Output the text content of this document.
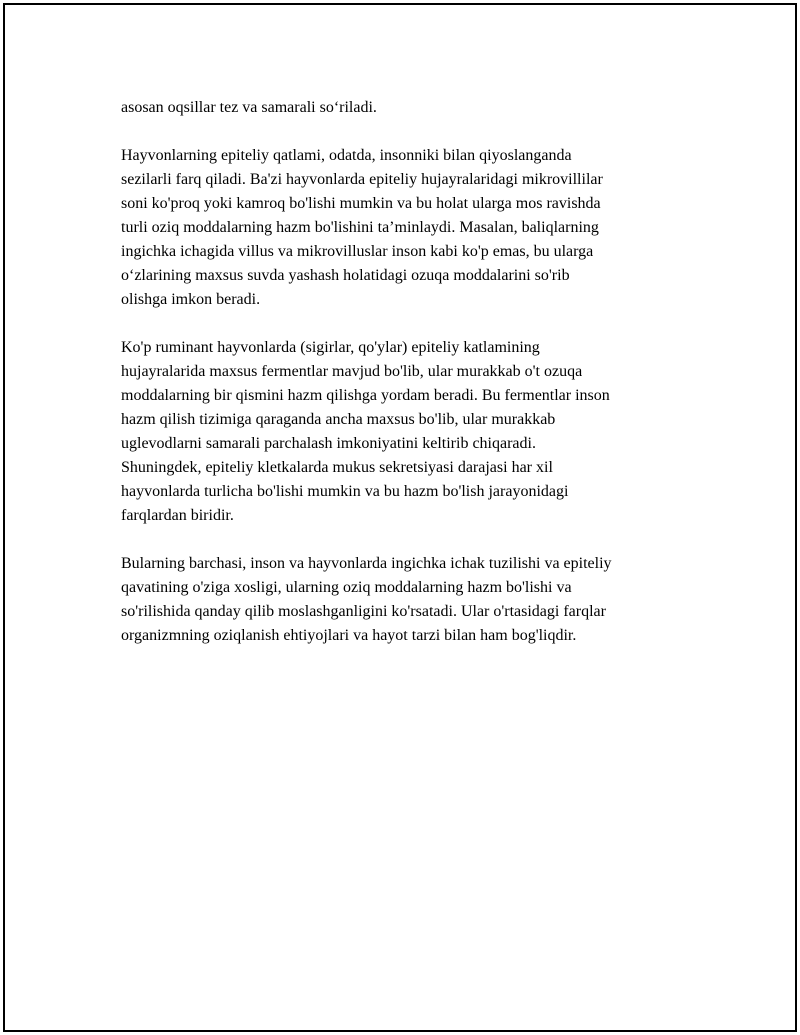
asosan oqsillar tez va samarali so‘riladi.

Hayvonlarning epiteliy qatlami, odatda, insonniki bilan qiyoslanganda
sezilarli farq qiladi. Ba'zi hayvonlarda epiteliy hujayralaridagi mikrovillilar
soni ko'proq yoki kamroq bo'lishi mumkin va bu holat ularga mos ravishda
turli oziq moddalarning hazm bo'lishini ta’minlaydi. Masalan, baliqlarning
ingichka ichagida villus va mikrovilluslar inson kabi ko'p emas, bu ularga
o‘zlarining maxsus suvda yashash holatidagi ozuqa moddalarini so'rib
olishga imkon beradi.

Ko'p ruminant hayvonlarda (sigirlar, qo'ylar) epiteliy katlamining
hujayralarida maxsus fermentlar mavjud bo'lib, ular murakkab o't ozuqa
moddalarning bir qismini hazm qilishga yordam beradi. Bu fermentlar inson
hazm qilish tizimiga qaraganda ancha maxsus bo'lib, ular murakkab
uglevodlarni samarali parchalash imkoniyatini keltirib chiqaradi.
Shuningdek, epiteliy kletkalarda mukus sekretsiyasi darajasi har xil
hayvonlarda turlicha bo'lishi mumkin va bu hazm bo'lish jarayonidagi
farqlardan biridir.

Bularning barchasi, inson va hayvonlarda ingichka ichak tuzilishi va epiteliy
qavatining o'ziga xosligi, ularning oziq moddalarning hazm bo'lishi va
so'rilishida qanday qilib moslashganligini ko'rsatadi. Ular o'rtasidagi farqlar
organizmning oziqlanish ehtiyojlari va hayot tarzi bilan ham bog'liqdir.
